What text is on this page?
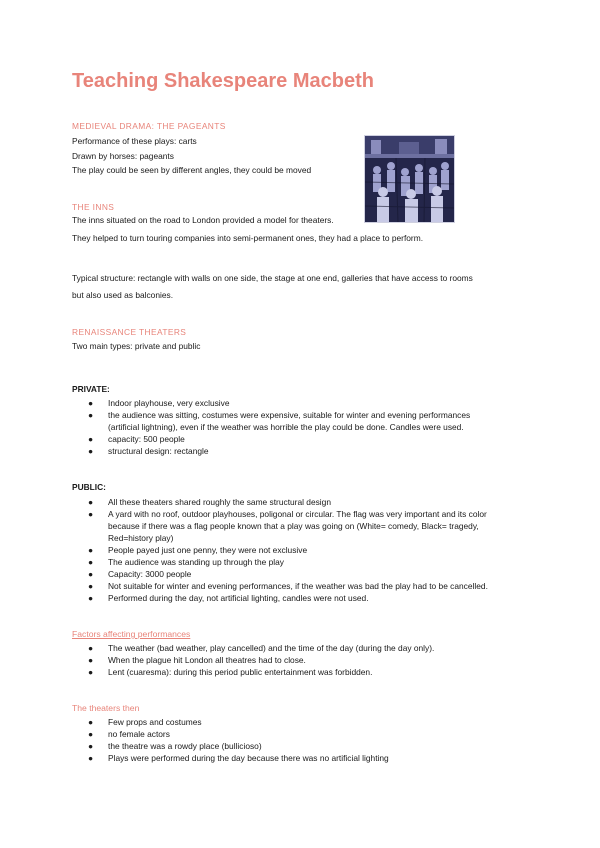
Teaching Shakespeare Macbeth
MEDIEVAL DRAMA: THE PAGEANTS
Performance of these plays: carts
Drawn by horses: pageants
The play could be seen by different angles, they could be moved
THE INNS
The inns situated on the road to London provided a model for theaters.
They helped to turn touring companies into semi-permanent ones, they had a place to perform.
Typical structure: rectangle with walls on one side, the stage at one end, galleries that have access to rooms
but also used as balconies.
RENAISSANCE THEATERS
Two main types: private and public
PRIVATE:
● Indoor playhouse, very exclusive
● the audience was sitting, costumes were expensive, suitable for winter and evening performances
(artificial lightning), even if the weather was horrible the play could be done. Candles were used.
● capacity: 500 people
● structural design: rectangle
PUBLIC:
● All these theaters shared roughly the same structural design
● A yard with no roof, outdoor playhouses, poligonal or circular. The flag was very important and its color
because if there was a flag people known that a play was going on (White= comedy, Black= tragedy,
Red=history play)
● People payed just one penny, they were not exclusive
● The audience was standing up through the play
● Capacity: 3000 people
● Not suitable for winter and evening performances, if the weather was bad the play had to be cancelled.
● Performed during the day, not artificial lighting, candles were not used.
Factors affecting performances
● The weather (bad weather, play cancelled) and the time of the day (during the day only).
● When the plague hit London all theatres had to close.
● Lent (cuaresma): during this period public entertainment was forbidden.
The theaters then
● Few props and costumes
● no female actors
● the theatre was a rowdy place (bullicioso)
● Plays were performed during the day because there was no artificial lighting
